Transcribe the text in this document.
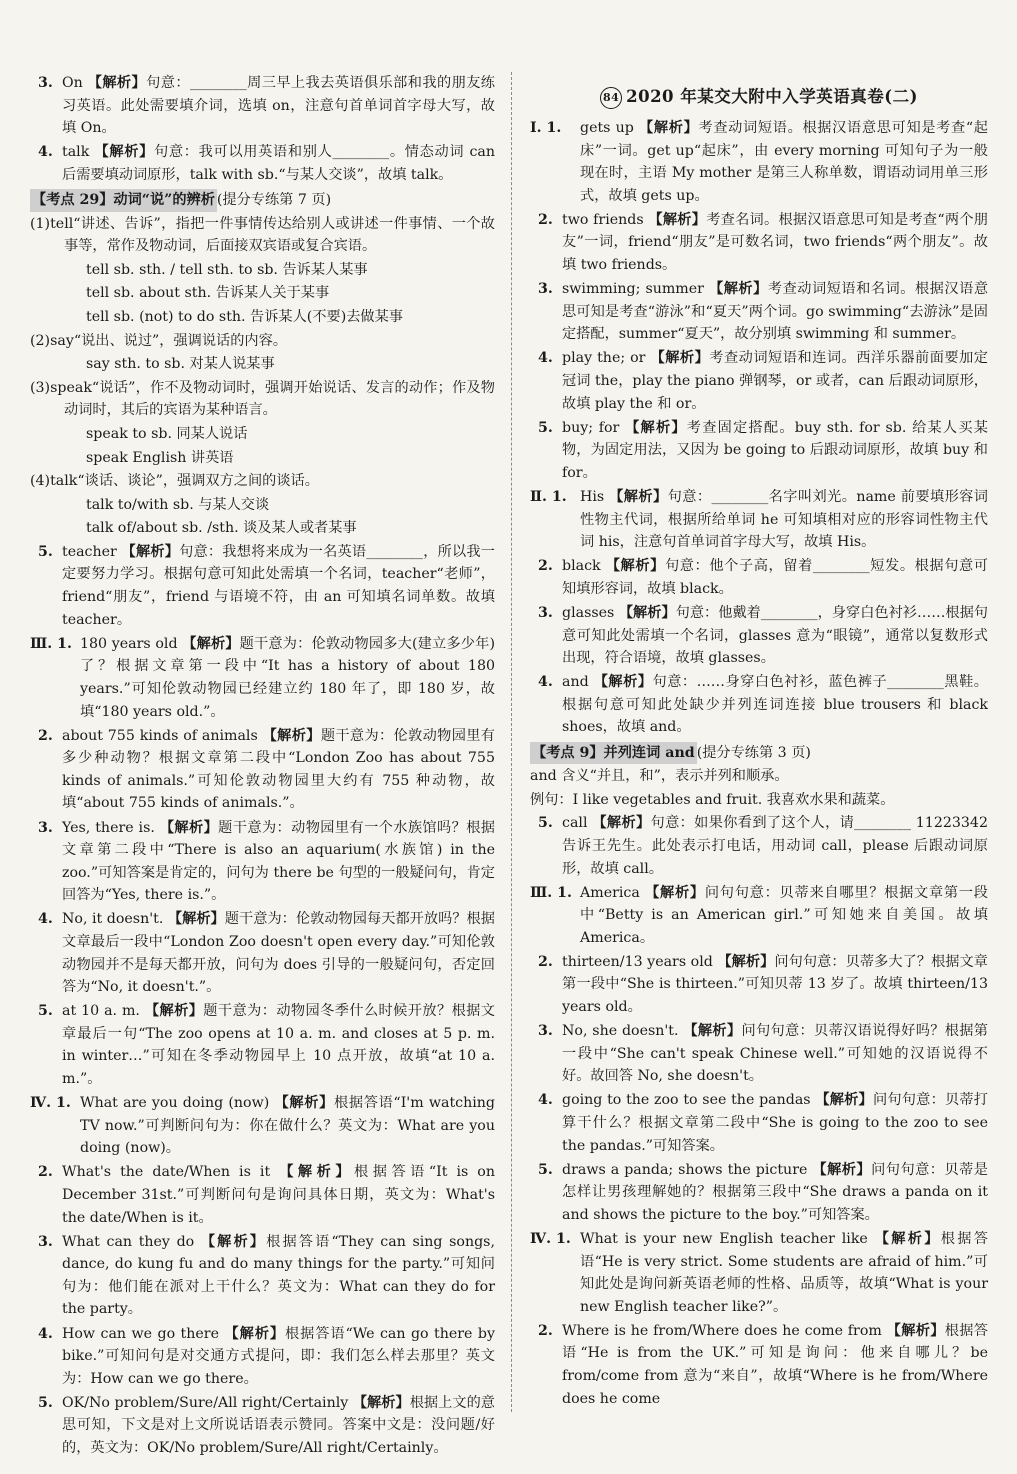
3. On 【解析】句意：________周三早上我去英语俱乐部和我的朋友练习英语。此处需要填介词，选填 on，注意句首单词首字母大写，故填 On。
4. talk 【解析】句意：我可以用英语和别人________。情态动词 can 后需要填动词原形，talk with sb.“与某人交谈”，故填 talk。
【考点 29】动词“说”的辨析 (提分专练第 7 页)
(1)tell“讲述、告诉”，指把一件事情传达给别人或讲述一件事情、一个故事等，常作及物动词，后面接双宾语或复合宾语。
tell sb. sth. / tell sth. to sb. 告诉某人某事
tell sb. about sth. 告诉某人关于某事
tell sb. (not) to do sth. 告诉某人(不要)去做某事
(2)say“说出、说过”，强调说话的内容。
say sth. to sb. 对某人说某事
(3)speak“说话”，作不及物动词时，强调开始说话、发言的动作；作及物动词时，其后的宾语为某种语言。
speak to sb. 同某人说话
speak English 讲英语
(4)talk“谈话、谈论”，强调双方之间的谈话。
talk to/with sb. 与某人交谈
talk of/about sb. /sth. 谈及某人或者某事
5. teacher 【解析】句意：我想将来成为一名英语________，所以我一定要努力学习。根据句意可知此处需填一个名词，teacher“老师”，friend“朋友”，friend 与语境不符，由 an 可知填名词单数。故填 teacher。
Ⅲ. 1. 180 years old 【解析】题干意为：伦敦动物园多大(建立多少年)了？根据文章第一段中“It has a history of about 180 years.”可知伦敦动物园已经建立约 180 年了，即 180 岁，故填“180 years old.”。
2. about 755 kinds of animals 【解析】题干意为：伦敦动物园里有多少种动物？根据文章第二段中“London Zoo has about 755 kinds of animals.”可知伦敦动物园里大约有 755 种动物，故填“about 755 kinds of animals.”。
3. Yes, there is. 【解析】题干意为：动物园里有一个水族馆吗？根据文章第二段中“There is also an aquarium(水族馆) in the zoo.”可知答案是肯定的，问句为 there be 句型的一般疑问句，肯定回答为“Yes, there is.”。
4. No, it doesn't. 【解析】题干意为：伦敦动物园每天都开放吗？根据文章最后一段中“London Zoo doesn't open every day.”可知伦敦动物园并不是每天都开放，问句为 does 引导的一般疑问句，否定回答为“No, it doesn't.”。
5. at 10 a. m. 【解析】题干意为：动物园冬季什么时候开放？根据文章最后一句“The zoo opens at 10 a. m. and closes at 5 p. m. in winter…”可知在冬季动物园早上 10 点开放，故填“at 10 a. m.”。
Ⅳ. 1. What are you doing (now) 【解析】根据答语“I'm watching TV now.”可判断问句为：你在做什么？英文为：What are you doing (now)。
2. What's the date/When is it 【解析】根据答语“It is on December 31st.”可判断问句是询问具体日期，英文为：What's the date/When is it。
3. What can they do 【解析】根据答语“They can sing songs, dance, do kung fu and do many things for the party.”可知问句为：他们能在派对上干什么？英文为：What can they do for the party。
4. How can we go there 【解析】根据答语“We can go there by bike.”可知问句是对交通方式提问，即：我们怎么样去那里？英文为：How can we go there。
5. OK/No problem/Sure/All right/Certainly 【解析】根据上文的意思可知，下文是对上文所说话语表示赞同。答案中文是：没问题/好的，英文为：OK/No problem/Sure/All right/Certainly。
84 2020 年某交大附中入学英语真卷(二)
Ⅰ. 1.	gets up 【解析】考查动词短语。根据汉语意思可知是考查“起床”一词。get up“起床”，由 every morning 可知句子为一般现在时，主语 My mother 是第三人称单数，谓语动词用单三形式，故填 gets up。
2. two friends 【解析】考查名词。根据汉语意思可知是考查“两个朋友”一词，friend“朋友”是可数名词，two friends“两个朋友”。故填 two friends。
3. swimming; summer 【解析】考查动词短语和名词。根据汉语意思可知是考查“游泳”和“夏天”两个词。go swimming“去游泳”是固定搭配，summer“夏天”，故分别填 swimming 和 summer。
4. play the; or 【解析】考查动词短语和连词。西洋乐器前面要加定冠词 the，play the piano 弹钢琴，or 或者，can 后跟动词原形，故填 play the 和 or。
5. buy; for 【解析】考查固定搭配。buy sth. for sb. 给某人买某物，为固定用法，又因为 be going to 后跟动词原形，故填 buy 和 for。
Ⅱ. 1. His 【解析】句意：________名字叫刘光。name 前要填形容词性物主代词，根据所给单词 he 可知填相对应的形容词性物主代词 his，注意句首单词首字母大写，故填 His。
2. black 【解析】句意：他个子高，留着________短发。根据句意可知填形容词，故填 black。
3. glasses 【解析】句意：他戴着________，身穿白色衬衫……根据句意可知此处需填一个名词，glasses 意为“眼镜”，通常以复数形式出现，符合语境，故填 glasses。
4. and 【解析】句意：……身穿白色衬衫，蓝色裤子________黑鞋。根据句意可知此处缺少并列连词连接 blue trousers 和 black shoes，故填 and。
【考点 9】并列连词 and (提分专练第 3 页)
and 含义“并且，和”，表示并列和顺承。
例句：I like vegetables and fruit. 我喜欢水果和蔬菜。
5. call 【解析】句意：如果你看到了这个人，请________ 11223342 告诉王先生。此处表示打电话，用动词 call，please 后跟动词原形，故填 call。
Ⅲ. 1. America 【解析】问句句意：贝蒂来自哪里？根据文章第一段中“Betty is an American girl.”可知她来自美国。故填 America。
2. thirteen/13 years old 【解析】问句句意：贝蒂多大了？根据文章第一段中“She is thirteen.”可知贝蒂 13 岁了。故填 thirteen/13 years old。
3. No, she doesn't. 【解析】问句句意：贝蒂汉语说得好吗？根据第一段中“She can't speak Chinese well.”可知她的汉语说得不好。故回答 No, she doesn't。
4. going to the zoo to see the pandas 【解析】问句句意：贝蒂打算干什么？根据文章第二段中“She is going to the zoo to see the pandas.”可知答案。
5. draws a panda; shows the picture 【解析】问句句意：贝蒂是怎样让男孩理解她的？根据第三段中“She draws a panda on it and shows the picture to the boy.”可知答案。
Ⅳ. 1. What is your new English teacher like 【解析】根据答语“He is very strict. Some students are afraid of him.”可知此处是询问新英语老师的性格、品质等，故填“What is your new English teacher like?”。
2. Where is he from/Where does he come from 【解析】根据答语“He is from the UK.”可知是询问：他来自哪儿？be from/come from 意为“来自”，故填“Where is he from/Where does he come
